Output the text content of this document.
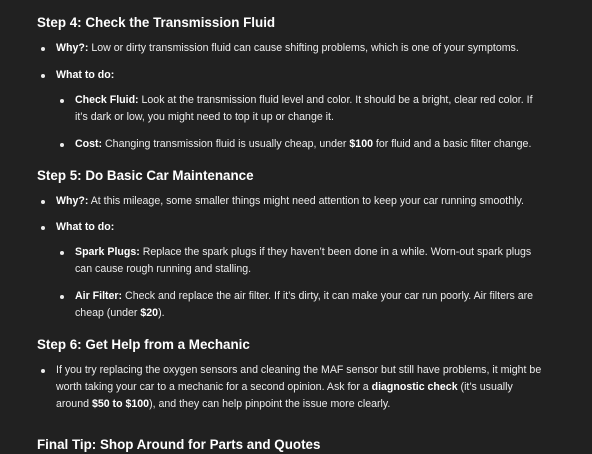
Step 4: Check the Transmission Fluid
Why?: Low or dirty transmission fluid can cause shifting problems, which is one of your symptoms.
What to do:
Check Fluid: Look at the transmission fluid level and color. It should be a bright, clear red color. If it’s dark or low, you might need to top it up or change it.
Cost: Changing transmission fluid is usually cheap, under $100 for fluid and a basic filter change.
Step 5: Do Basic Car Maintenance
Why?: At this mileage, some smaller things might need attention to keep your car running smoothly.
What to do:
Spark Plugs: Replace the spark plugs if they haven’t been done in a while. Worn-out spark plugs can cause rough running and stalling.
Air Filter: Check and replace the air filter. If it’s dirty, it can make your car run poorly. Air filters are cheap (under $20).
Step 6: Get Help from a Mechanic
If you try replacing the oxygen sensors and cleaning the MAF sensor but still have problems, it might be worth taking your car to a mechanic for a second opinion. Ask for a diagnostic check (it’s usually around $50 to $100), and they can help pinpoint the issue more clearly.
Final Tip: Shop Around for Parts and Quotes
